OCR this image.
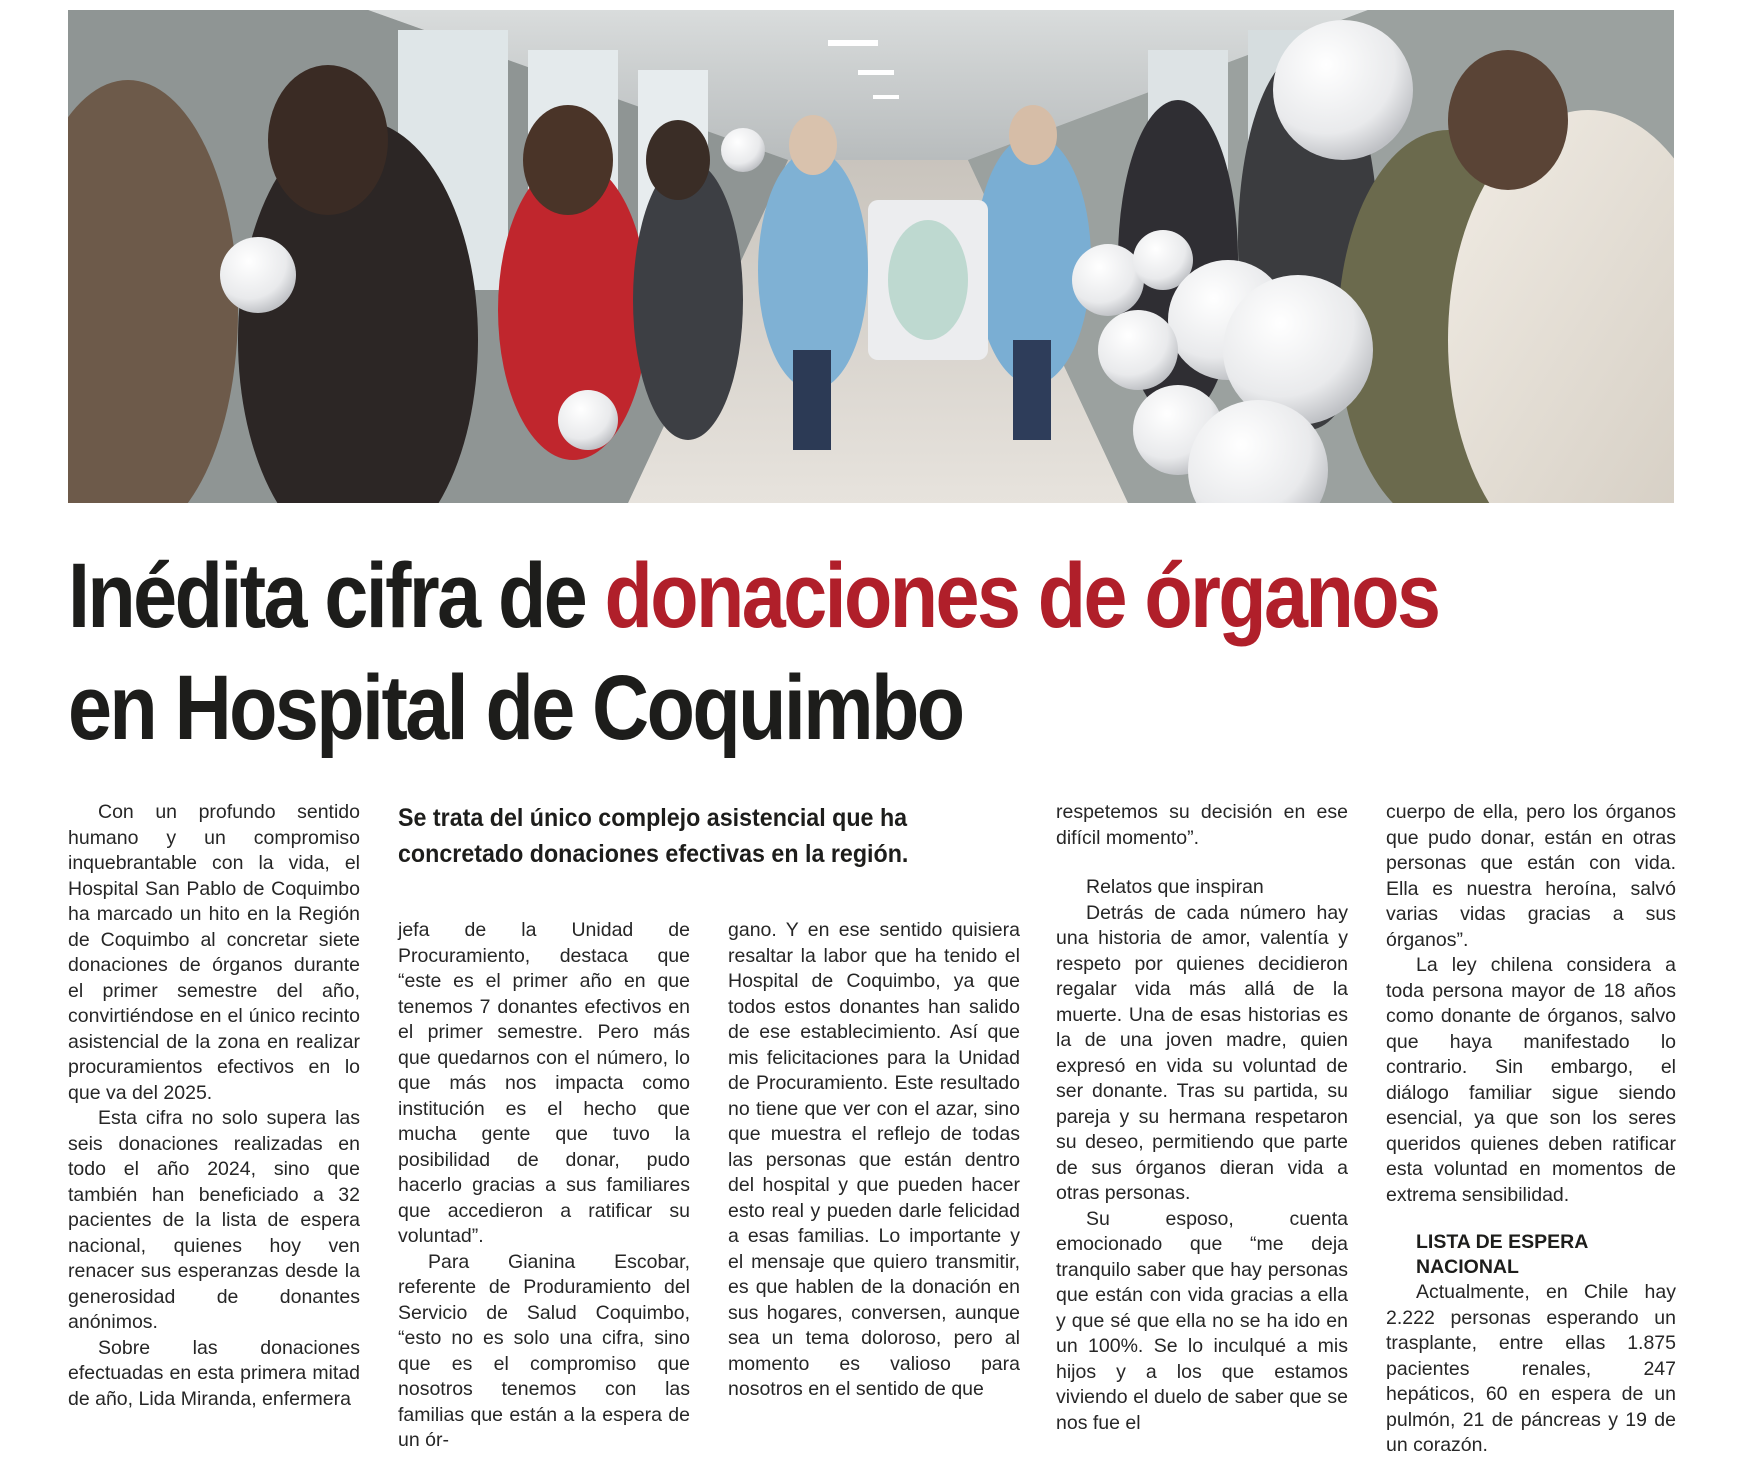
Inédita cifra de donaciones de órganos
en Hospital de Coquimbo
Se trata del único complejo asistencial que ha concretado donaciones efectivas en la región.

Con un profundo sentido humano y un compromiso inquebrantable con la vida, el Hospital San Pablo de Coquimbo ha marcado un hito en la Región de Coquimbo al concretar siete donaciones de órganos durante el primer semestre del año, convirtiéndose en el único recinto asistencial de la zona en realizar procuramientos efectivos en lo que va del 2025.

Esta cifra no solo supera las seis donaciones realizadas en todo el año 2024, sino que también han beneficiado a 32 pacientes de la lista de espera nacional, quienes hoy ven renacer sus esperanzas desde la generosidad de donantes anónimos.

Sobre las donaciones efectuadas en esta primera mitad de año, Lida Miranda, enfermera

jefa de la Unidad de Procuramiento, destaca que “este es el primer año en que tenemos 7 donantes efectivos en el primer semestre. Pero más que quedarnos con el número, lo que más nos impacta como institución es el hecho que mucha gente que tuvo la posibilidad de donar, pudo hacerlo gracias a sus familiares que accedieron a ratificar su voluntad”.

Para Gianina Escobar, referente de Produramiento del Servicio de Salud Coquimbo, “esto no es solo una cifra, sino que es el compromiso que nosotros tenemos con las familias que están a la espera de un ór-

gano. Y en ese sentido quisiera resaltar la labor que ha tenido el Hospital de Coquimbo, ya que todos estos donantes han salido de ese establecimiento. Así que mis felicitaciones para la Unidad de Procuramiento. Este resultado no tiene que ver con el azar, sino que muestra el reflejo de todas las personas que están dentro del hospital y que pueden hacer esto real y pueden darle felicidad a esas familias. Lo importante y el mensaje que quiero transmitir, es que hablen de la donación en sus hogares, conversen, aunque sea un tema doloroso, pero al momento es valioso para nosotros en el sentido de que

respetemos su decisión en ese difícil momento”.

Relatos que inspiran

Detrás de cada número hay una historia de amor, valentía y respeto por quienes decidieron regalar vida más allá de la muerte. Una de esas historias es la de una joven madre, quien expresó en vida su voluntad de ser donante. Tras su partida, su pareja y su hermana respetaron su deseo, permitiendo que parte de sus órganos dieran vida a otras personas.

Su esposo, cuenta emocionado que “me deja tranquilo saber que hay personas que están con vida gracias a ella y que sé que ella no se ha ido en un 100%. Se lo inculqué a mis hijos y a los que estamos viviendo el duelo de saber que se nos fue el

cuerpo de ella, pero los órganos que pudo donar, están en otras personas que están con vida. Ella es nuestra heroína, salvó varias vidas gracias a sus órganos”.

La ley chilena considera a toda persona mayor de 18 años como donante de órganos, salvo que haya manifestado lo contrario. Sin embargo, el diálogo familiar sigue siendo esencial, ya que son los seres queridos quienes deben ratificar esta voluntad en momentos de extrema sensibilidad.

LISTA DE ESPERA
NACIONAL

Actualmente, en Chile hay 2.222 personas esperando un trasplante, entre ellas 1.875 pacientes renales, 247 hepáticos, 60 en espera de un pulmón, 21 de páncreas y 19 de un corazón.
